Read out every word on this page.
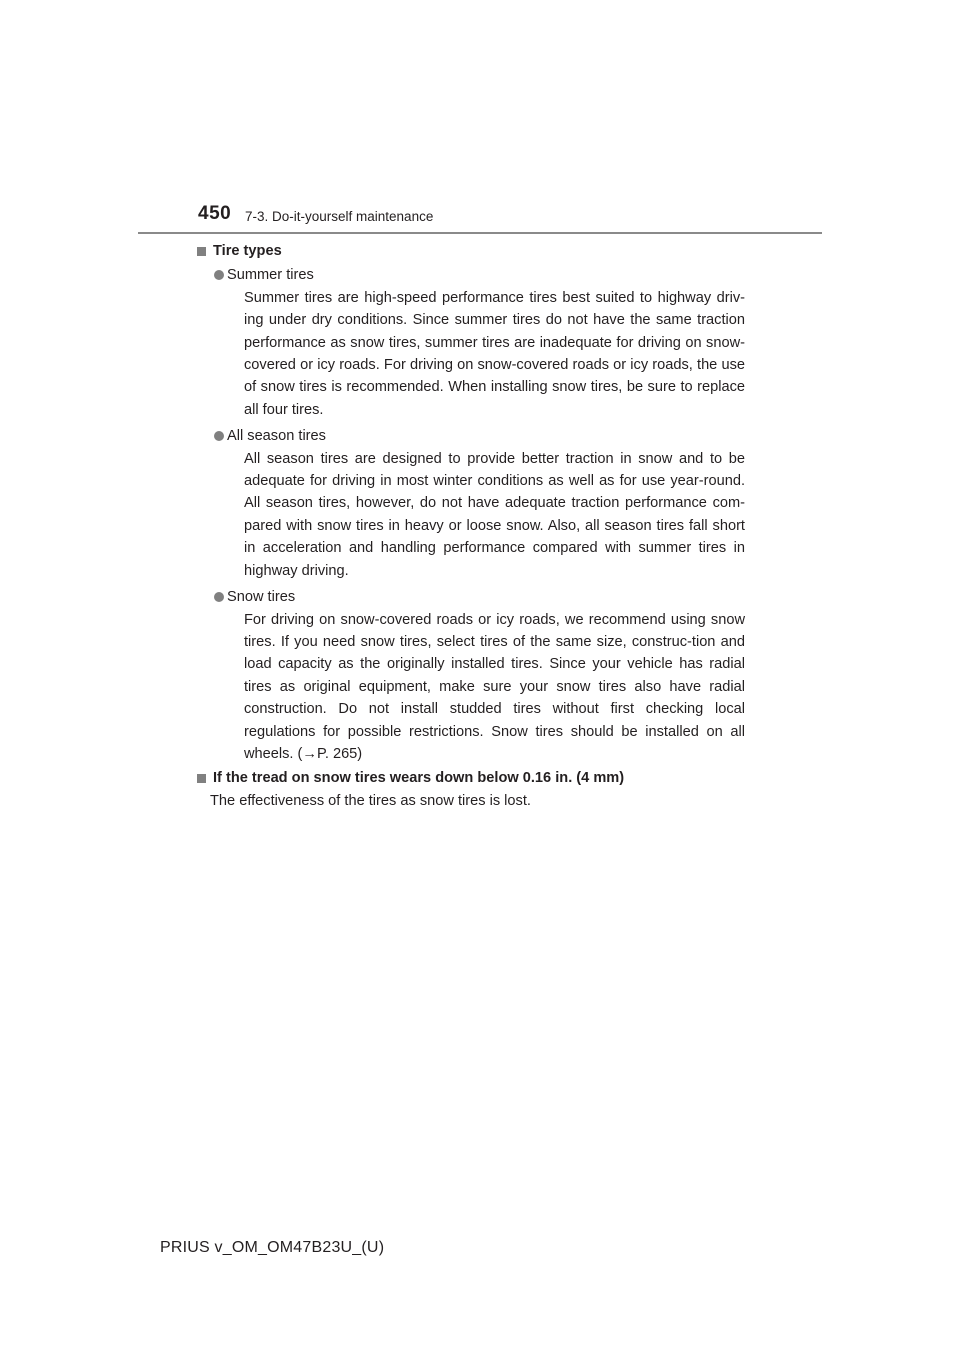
450 7-3. Do-it-yourself maintenance
Tire types
Summer tires
Summer tires are high-speed performance tires best suited to highway driv-ing under dry conditions. Since summer tires do not have the same traction performance as snow tires, summer tires are inadequate for driving on snow-covered or icy roads. For driving on snow-covered roads or icy roads, the use of snow tires is recommended. When installing snow tires, be sure to replace all four tires.
All season tires
All season tires are designed to provide better traction in snow and to be adequate for driving in most winter conditions as well as for use year-round. All season tires, however, do not have adequate traction performance com-pared with snow tires in heavy or loose snow. Also, all season tires fall short in acceleration and handling performance compared with summer tires in highway driving.
Snow tires
For driving on snow-covered roads or icy roads, we recommend using snow tires. If you need snow tires, select tires of the same size, construc-tion and load capacity as the originally installed tires. Since your vehicle has radial tires as original equipment, make sure your snow tires also have radial construction. Do not install studded tires without first checking local regulations for possible restrictions. Snow tires should be installed on all wheels. (→P. 265)
If the tread on snow tires wears down below 0.16 in. (4 mm)
The effectiveness of the tires as snow tires is lost.
PRIUS v_OM_OM47B23U_(U)
